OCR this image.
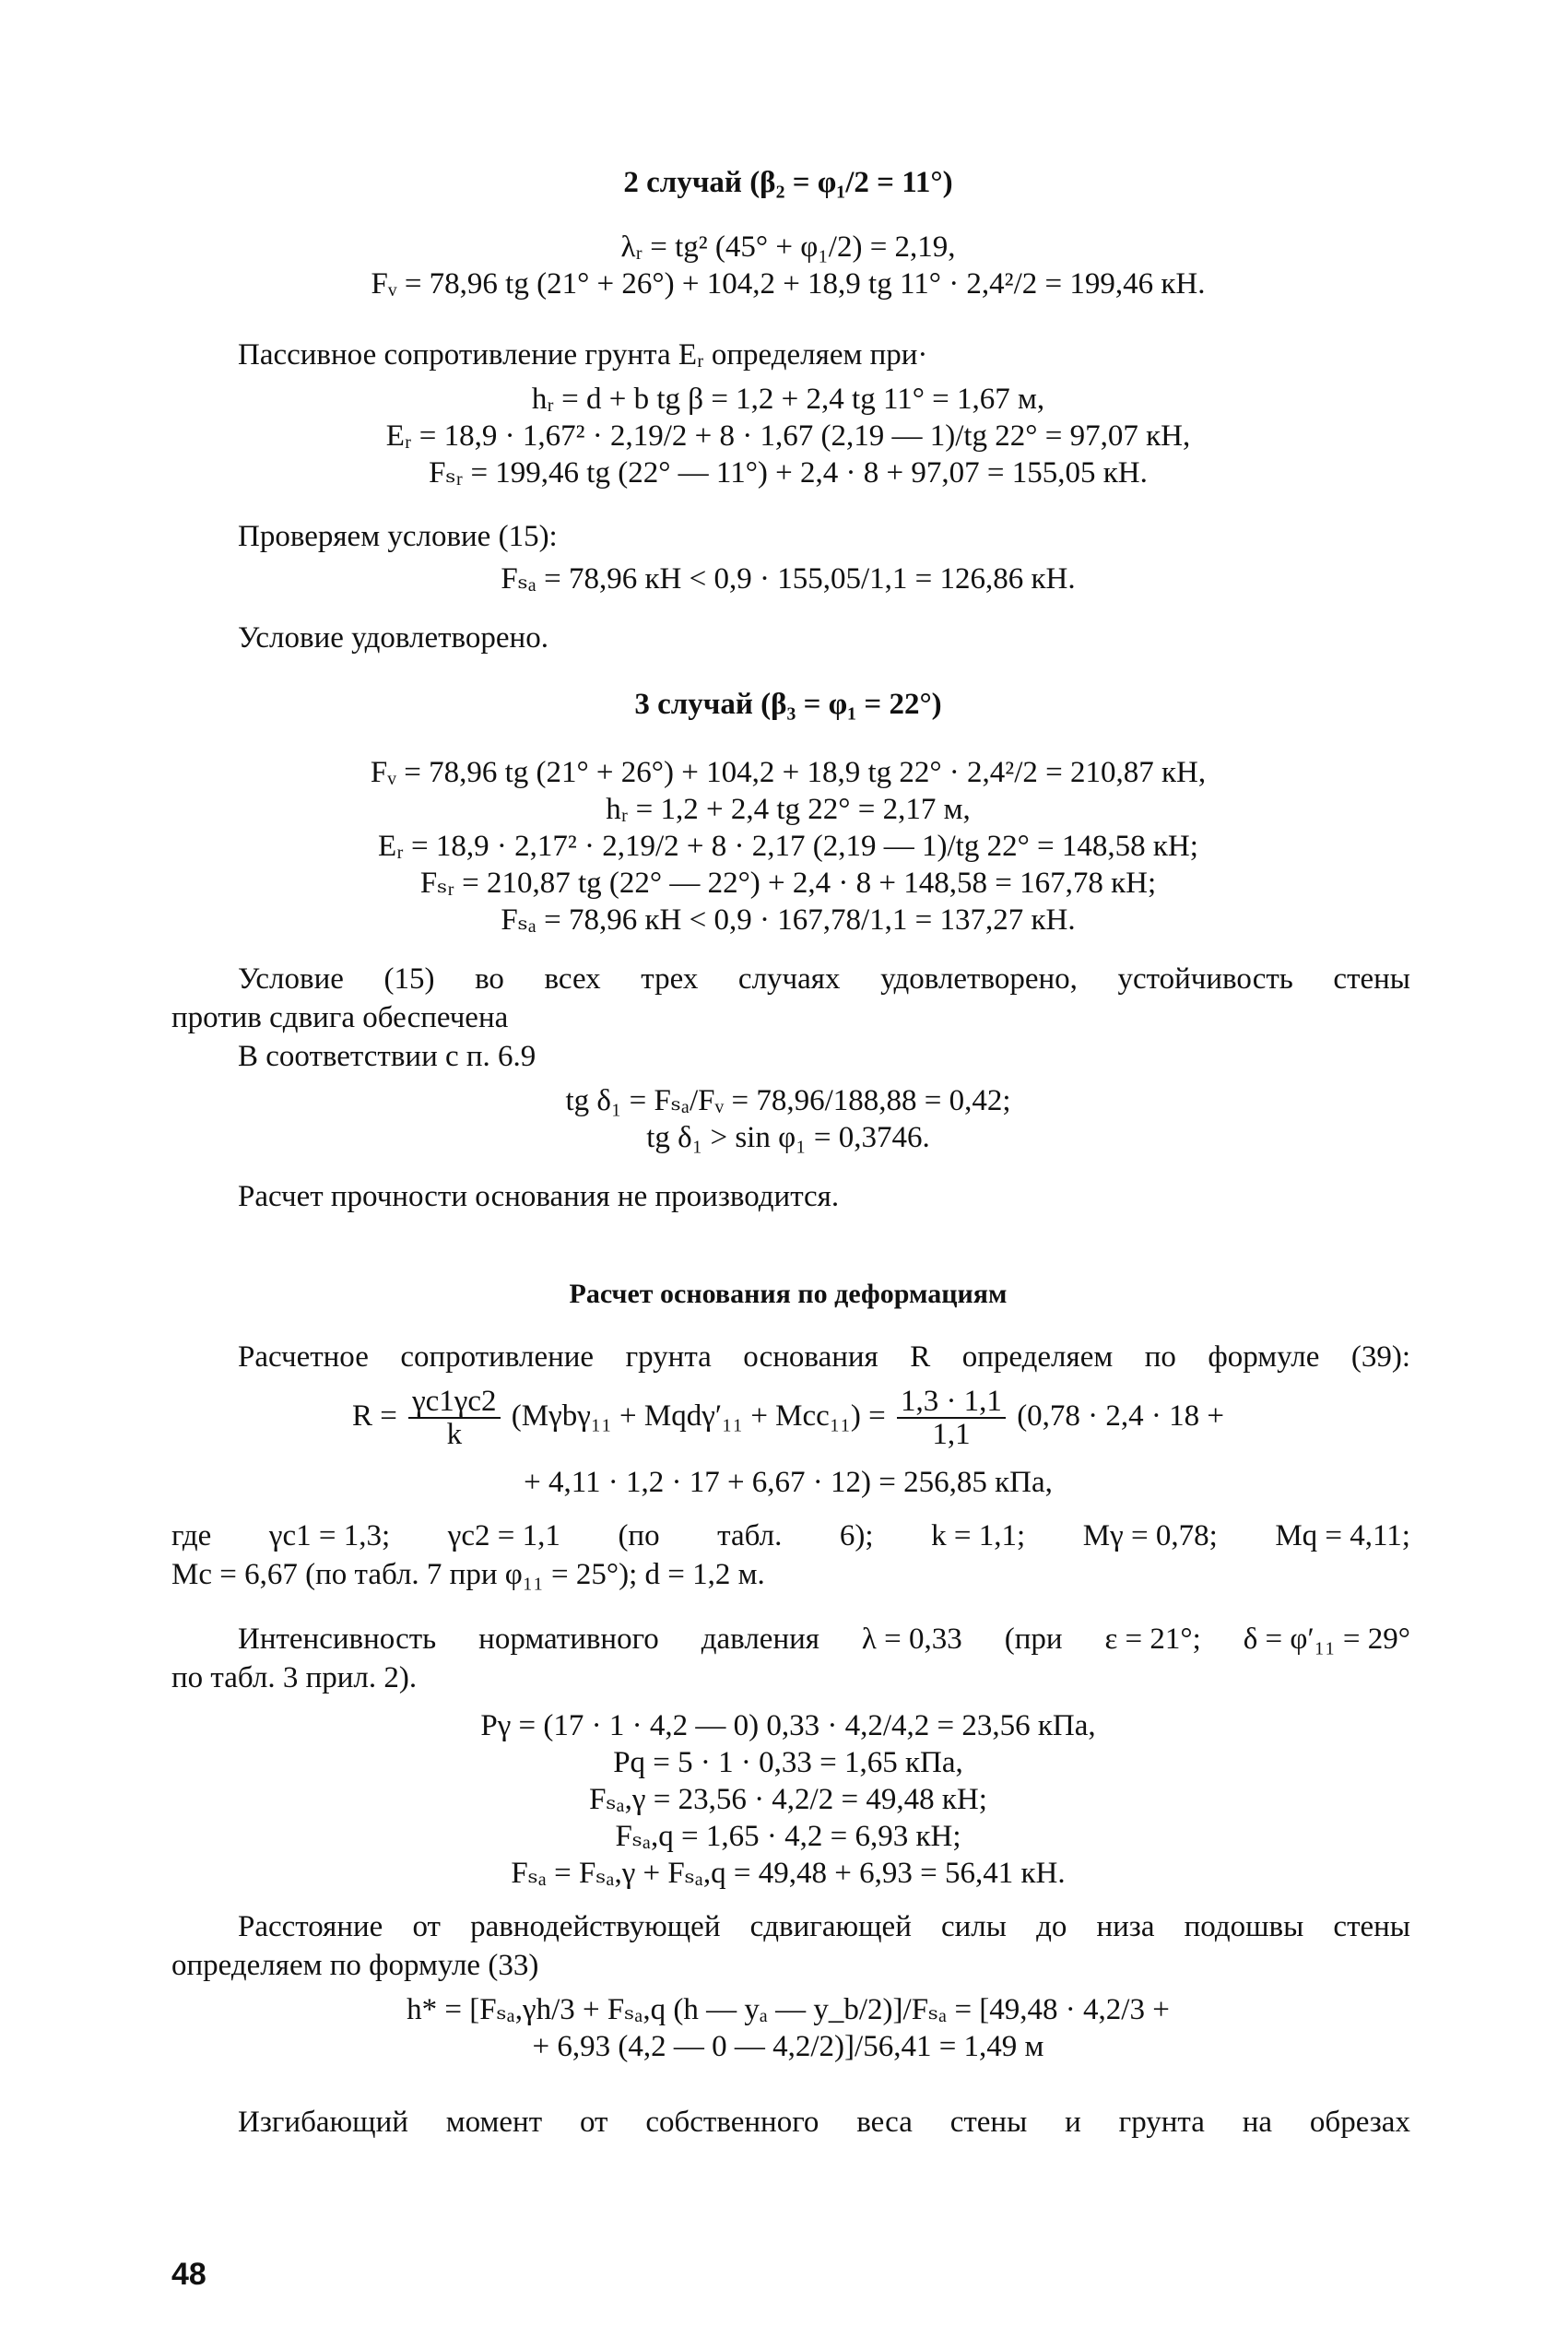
2 случай (β₂ = φ₁/2 = 11°)
λᵣ = tg² (45° + φ₁/2) = 2,19,
Fᵥ = 78,96 tg (21° + 26°) + 104,2 + 18,9 tg 11° · 2,4²/2 = 199,46 кН.
Пассивное сопротивление грунта Eᵣ определяем при·
hᵣ = d + b tg β = 1,2 + 2,4 tg 11° = 1,67 м,
Eᵣ = 18,9 · 1,67² · 2,19/2 + 8 · 1,67 (2,19 — 1)/tg 22° = 97,07 кН,
Fₛᵣ = 199,46 tg (22° — 11°) + 2,4 · 8 + 97,07 = 155,05 кН.
Проверяем условие (15):
Fₛₐ = 78,96 кН < 0,9 · 155,05/1,1 = 126,86 кН.
Условие удовлетворено.
3 случай (β₃ = φ₁ = 22°)
Fᵥ = 78,96 tg (21° + 26°) + 104,2 + 18,9 tg 22° · 2,4²/2 = 210,87 кН,
hᵣ = 1,2 + 2,4 tg 22° = 2,17 м,
Eᵣ = 18,9 · 2,17² · 2,19/2 + 8 · 2,17 (2,19 — 1)/tg 22° = 148,58 кН;
Fₛᵣ = 210,87 tg (22° — 22°) + 2,4 · 8 + 148,58 = 167,78 кН;
Fₛₐ = 78,96 кН < 0,9 · 167,78/1,1 = 137,27 кН.
Условие (15) во всех трех случаях удовлетворено, устойчивость стены
против сдвига обеспечена
В соответствии с п. 6.9
tg δ₁ = Fₛₐ/Fᵥ = 78,96/188,88 = 0,42;
tg δ₁ > sin φ₁ = 0,3746.
Расчет прочности основания не производится.
Расчет основания по деформациям
Расчетное сопротивление грунта основания R определяем по формуле (39):
$R = \frac{\gamma c1\gamma c2}{k} (M\gamma b\gamma_{11} + Mqd\gamma'_{11} + Mcc_{11}) = \frac{1,3 \cdot 1,1}{1,1} (0,78 \cdot 2,4 \cdot 18$ +
+ 4,11 · 1,2 · 17 + 6,67 · 12) = 256,85 кПа,
где γc1 = 1,3; γc2 = 1,1 (по табл. 6); k = 1,1; Mγ = 0,78; Mq = 4,11;
Mc = 6,67 (по табл. 7 при φ₁₁ = 25°); d = 1,2 м.
Интенсивность нормативного давления λ = 0,33 (при ε = 21°; δ = φ′₁₁ = 29°
по табл. 3 прил. 2).
Pγ = (17 · 1 · 4,2 — 0) 0,33 · 4,2/4,2 = 23,56 кПа,
Pq = 5 · 1 · 0,33 = 1,65 кПа,
Fₛₐ,γ = 23,56 · 4,2/2 = 49,48 кН;
Fₛₐ,q = 1,65 · 4,2 = 6,93 кН;
Fₛₐ = Fₛₐ,γ + Fₛₐ,q = 49,48 + 6,93 = 56,41 кН.
Расстояние от равнодействующей сдвигающей силы до низа подошвы стены
определяем по формуле (33)
h* = [Fₛₐ,γh/3 + Fₛₐ,q (h — yₐ — y_b/2)]/Fₛₐ = [49,48 · 4,2/3 +
+ 6,93 (4,2 — 0 — 4,2/2)]/56,41 = 1,49 м
Изгибающий момент от собственного веса стены и грунта на обрезах
48
